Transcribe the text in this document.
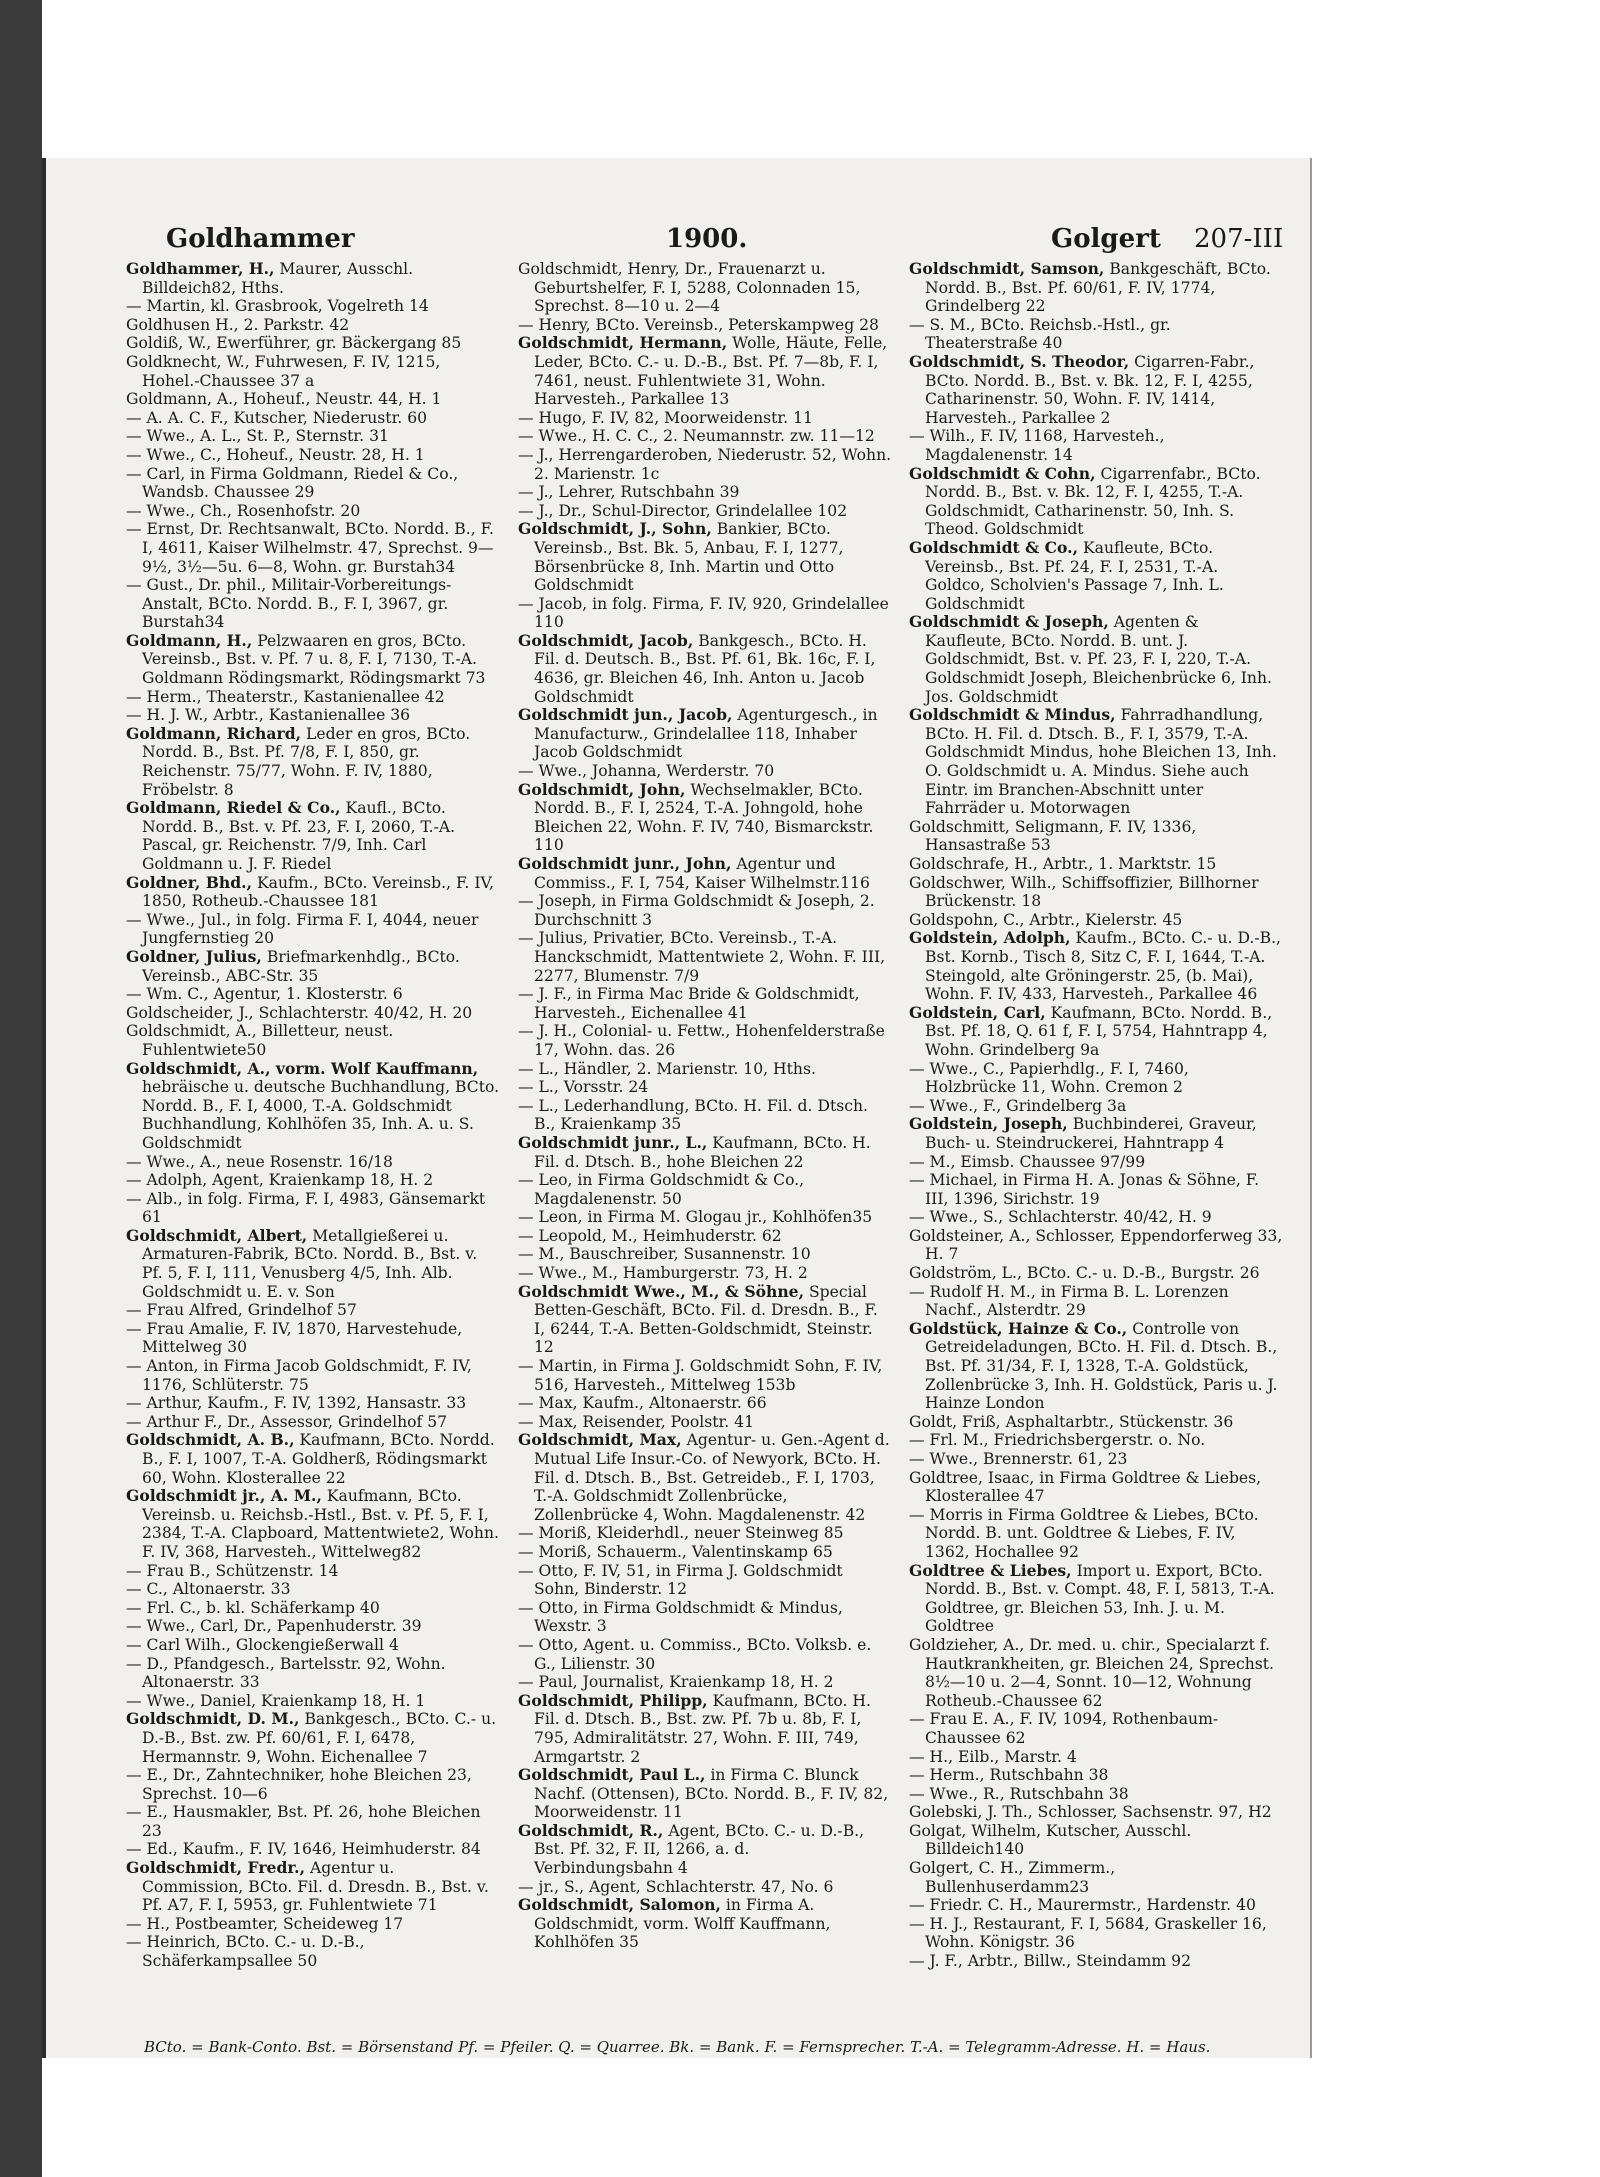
Goldhammer	1900.	Golgert 207-III

Goldhammer, H., Maurer, Ausschl. Billdeich82, Hths.

— Martin, kl. Grasbrook, Vogelreth 14

Goldhusen H., 2. Parkstr. 42

Goldiß, W., Ewerführer, gr. Bäckergang 85

Goldknecht, W., Fuhrwesen, F. IV, 1215, Hohel.-Chaussee 37 a

Goldmann, A., Hoheuf., Neustr. 44, H. 1

— A. A. C. F., Kutscher, Niederustr. 60

— Wwe., A. L., St. P., Sternstr. 31

— Wwe., C., Hoheuf., Neustr. 28, H. 1

— Carl, in Firma Goldmann, Riedel & Co., Wandsb. Chaussee 29

— Wwe., Ch., Rosenhofstr. 20

— Ernst, Dr. Rechtsanwalt, BCto. Nordd. B., F. I, 4611, Kaiser Wilhelmstr. 47, Sprechst. 9—9½, 3½—5u. 6—8, Wohn. gr. Burstah34

— Gust., Dr. phil., Militair-Vorbereitungs-Anstalt, BCto. Nordd. B., F. I, 3967, gr. Burstah34

Goldmann, H., Pelzwaaren en gros, BCto. Vereinsb., Bst. v. Pf. 7 u. 8, F. I, 7130, T.-A. Goldmann Rödingsmarkt, Rödingsmarkt 73

— Herm., Theaterstr., Kastanienallee 42

— H. J. W., Arbtr., Kastanienallee 36

Goldmann, Richard, Leder en gros, BCto. Nordd. B., Bst. Pf. 7/8, F. I, 850, gr. Reichenstr. 75/77, Wohn. F. IV, 1880, Fröbelstr. 8

Goldmann, Riedel & Co., Kaufl., BCto. Nordd. B., Bst. v. Pf. 23, F. I, 2060, T.-A. Pascal, gr. Reichenstr. 7/9, Inh. Carl Goldmann u. J. F. Riedel

Goldner, Bhd., Kaufm., BCto. Vereinsb., F. IV, 1850, Rotheub.-Chaussee 181

— Wwe., Jul., in folg. Firma F. I, 4044, neuer Jungfernstieg 20

Goldner, Julius, Briefmarkenhdlg., BCto. Vereinsb., ABC-Str. 35

— Wm. C., Agentur, 1. Klosterstr. 6

Goldscheider, J., Schlachterstr. 40/42, H. 20

Goldschmidt, A., Billetteur, neust. Fuhlentwiete50

Goldschmidt, A., vorm. Wolf Kauffmann, hebräische u. deutsche Buchhandlung, BCto. Nordd. B., F. I, 4000, T.-A. Goldschmidt Buchhandlung, Kohlhöfen 35, Inh. A. u. S. Goldschmidt

— Wwe., A., neue Rosenstr. 16/18

— Adolph, Agent, Kraienkamp 18, H. 2

— Alb., in folg. Firma, F. I, 4983, Gänsemarkt 61

Goldschmidt, Albert, Metallgießerei u. Armaturen-Fabrik, BCto. Nordd. B., Bst. v. Pf. 5, F. I, 111, Venusberg 4/5, Inh. Alb. Goldschmidt u. E. v. Son

— Frau Alfred, Grindelhof 57

— Frau Amalie, F. IV, 1870, Harvestehude, Mittelweg 30

— Anton, in Firma Jacob Goldschmidt, F. IV, 1176, Schlüterstr. 75

— Arthur, Kaufm., F. IV, 1392, Hansastr. 33

— Arthur F., Dr., Assessor, Grindelhof 57

Goldschmidt, A. B., Kaufmann, BCto. Nordd. B., F. I, 1007, T.-A. Goldherß, Rödingsmarkt 60, Wohn. Klosterallee 22

Goldschmidt jr., A. M., Kaufmann, BCto. Vereinsb. u. Reichsb.-Hstl., Bst. v. Pf. 5, F. I, 2384, T.-A. Clapboard, Mattentwiete2, Wohn. F. IV, 368, Harvesteh., Wittelweg82

— Frau B., Schützenstr. 14

— C., Altonaerstr. 33

— Frl. C., b. kl. Schäferkamp 40

— Wwe., Carl, Dr., Papenhuderstr. 39

— Carl Wilh., Glockengießerwall 4

— D., Pfandgesch., Bartelsstr. 92, Wohn. Altonaerstr. 33

— Wwe., Daniel, Kraienkamp 18, H. 1

Goldschmidt, D. M., Bankgesch., BCto. C.- u. D.-B., Bst. zw. Pf. 60/61, F. I, 6478, Hermannstr. 9, Wohn. Eichenallee 7

— E., Dr., Zahntechniker, hohe Bleichen 23, Sprechst. 10—6

— E., Hausmakler, Bst. Pf. 26, hohe Bleichen 23

— Ed., Kaufm., F. IV, 1646, Heimhuderstr. 84

Goldschmidt, Fredr., Agentur u. Commission, BCto. Fil. d. Dresdn. B., Bst. v. Pf. A7, F. I, 5953, gr. Fuhlentwiete 71

— H., Postbeamter, Scheideweg 17

— Heinrich, BCto. C.- u. D.-B., Schäferkampsallee 50

Goldschmidt, Henry, Dr., Frauenarzt u. Geburtshelfer, F. I, 5288, Colonnaden 15, Sprechst. 8—10 u. 2—4

— Henry, BCto. Vereinsb., Peterskampweg 28

Goldschmidt, Hermann, Wolle, Häute, Felle, Leder, BCto. C.- u. D.-B., Bst. Pf. 7—8b, F. I, 7461, neust. Fuhlentwiete 31, Wohn. Harvesteh., Parkallee 13

— Hugo, F. IV, 82, Moorweidenstr. 11

— Wwe., H. C. C., 2. Neumannstr. zw. 11—12

— J., Herrengarderoben, Niederustr. 52, Wohn. 2. Marienstr. 1c

— J., Lehrer, Rutschbahn 39

— J., Dr., Schul-Director, Grindelallee 102

Goldschmidt, J., Sohn, Bankier, BCto. Vereinsb., Bst. Bk. 5, Anbau, F. I, 1277, Börsenbrücke 8, Inh. Martin und Otto Goldschmidt

— Jacob, in folg. Firma, F. IV, 920, Grindelallee 110

Goldschmidt, Jacob, Bankgesch., BCto. H. Fil. d. Deutsch. B., Bst. Pf. 61, Bk. 16c, F. I, 4636, gr. Bleichen 46, Inh. Anton u. Jacob Goldschmidt

Goldschmidt jun., Jacob, Agenturgesch., in Manufacturw., Grindelallee 118, Inhaber Jacob Goldschmidt

— Wwe., Johanna, Werderstr. 70

Goldschmidt, John, Wechselmakler, BCto. Nordd. B., F. I, 2524, T.-A. Johngold, hohe Bleichen 22, Wohn. F. IV, 740, Bismarckstr. 110

Goldschmidt junr., John, Agentur und Commiss., F. I, 754, Kaiser Wilhelmstr.116

— Joseph, in Firma Goldschmidt & Joseph, 2. Durchschnitt 3

— Julius, Privatier, BCto. Vereinsb., T.-A. Hanckschmidt, Mattentwiete 2, Wohn. F. III, 2277, Blumenstr. 7/9

— J. F., in Firma Mac Bride & Goldschmidt, Harvesteh., Eichenallee 41

— J. H., Colonial- u. Fettw., Hohenfelderstraße 17, Wohn. das. 26

— L., Händler, 2. Marienstr. 10, Hths.

— L., Vorsstr. 24

— L., Lederhandlung, BCto. H. Fil. d. Dtsch. B., Kraienkamp 35

Goldschmidt junr., L., Kaufmann, BCto. H. Fil. d. Dtsch. B., hohe Bleichen 22

— Leo, in Firma Goldschmidt & Co., Magdalenenstr. 50

— Leon, in Firma M. Glogau jr., Kohlhöfen35

— Leopold, M., Heimhuderstr. 62

— M., Bauschreiber, Susannenstr. 10

— Wwe., M., Hamburgerstr. 73, H. 2

Goldschmidt Wwe., M., & Söhne, Special Betten-Geschäft, BCto. Fil. d. Dresdn. B., F. I, 6244, T.-A. Betten-Goldschmidt, Steinstr. 12

— Martin, in Firma J. Goldschmidt Sohn, F. IV, 516, Harvesteh., Mittelweg 153b

— Max, Kaufm., Altonaerstr. 66

— Max, Reisender, Poolstr. 41

Goldschmidt, Max, Agentur- u. Gen.-Agent d. Mutual Life Insur.-Co. of Newyork, BCto. H. Fil. d. Dtsch. B., Bst. Getreideb., F. I, 1703, T.-A. Goldschmidt Zollenbrücke, Zollenbrücke 4, Wohn. Magdalenenstr. 42

— Moriß, Kleiderhdl., neuer Steinweg 85

— Moriß, Schauerm., Valentinskamp 65

— Otto, F. IV, 51, in Firma J. Goldschmidt Sohn, Binderstr. 12

— Otto, in Firma Goldschmidt & Mindus, Wexstr. 3

— Otto, Agent. u. Commiss., BCto. Volksb. e. G., Lilienstr. 30

— Paul, Journalist, Kraienkamp 18, H. 2

Goldschmidt, Philipp, Kaufmann, BCto. H. Fil. d. Dtsch. B., Bst. zw. Pf. 7b u. 8b, F. I, 795, Admiralitätstr. 27, Wohn. F. III, 749, Armgartstr. 2

Goldschmidt, Paul L., in Firma C. Blunck Nachf. (Ottensen), BCto. Nordd. B., F. IV, 82, Moorweidenstr. 11

Goldschmidt, R., Agent, BCto. C.- u. D.-B., Bst. Pf. 32, F. II, 1266, a. d. Verbindungsbahn 4

— jr., S., Agent, Schlachterstr. 47, No. 6

Goldschmidt, Salomon, in Firma A. Goldschmidt, vorm. Wolff Kauffmann, Kohlhöfen 35

Goldschmidt, Samson, Bankgeschäft, BCto. Nordd. B., Bst. Pf. 60/61, F. IV, 1774, Grindelberg 22

— S. M., BCto. Reichsb.-Hstl., gr. Theaterstraße 40

Goldschmidt, S. Theodor, Cigarren-Fabr., BCto. Nordd. B., Bst. v. Bk. 12, F. I, 4255, Catharinenstr. 50, Wohn. F. IV, 1414, Harvesteh., Parkallee 2

— Wilh., F. IV, 1168, Harvesteh., Magdalenenstr. 14

Goldschmidt & Cohn, Cigarrenfabr., BCto. Nordd. B., Bst. v. Bk. 12, F. I, 4255, T.-A. Goldschmidt, Catharinenstr. 50, Inh. S. Theod. Goldschmidt

Goldschmidt & Co., Kaufleute, BCto. Vereinsb., Bst. Pf. 24, F. I, 2531, T.-A. Goldco, Scholvien's Passage 7, Inh. L. Goldschmidt

Goldschmidt & Joseph, Agenten & Kaufleute, BCto. Nordd. B. unt. J. Goldschmidt, Bst. v. Pf. 23, F. I, 220, T.-A. Goldschmidt Joseph, Bleichenbrücke 6, Inh. Jos. Goldschmidt

Goldschmidt & Mindus, Fahrradhandlung, BCto. H. Fil. d. Dtsch. B., F. I, 3579, T.-A. Goldschmidt Mindus, hohe Bleichen 13, Inh. O. Goldschmidt u. A. Mindus. Siehe auch Eintr. im Branchen-Abschnitt unter Fahrräder u. Motorwagen

Goldschmitt, Seligmann, F. IV, 1336, Hansastraße 53

Goldschrafe, H., Arbtr., 1. Marktstr. 15

Goldschwer, Wilh., Schiffsoffizier, Billhorner Brückenstr. 18

Goldspohn, C., Arbtr., Kielerstr. 45

Goldstein, Adolph, Kaufm., BCto. C.- u. D.-B., Bst. Kornb., Tisch 8, Sitz C, F. I, 1644, T.-A. Steingold, alte Gröningerstr. 25, (b. Mai), Wohn. F. IV, 433, Harvesteh., Parkallee 46

Goldstein, Carl, Kaufmann, BCto. Nordd. B., Bst. Pf. 18, Q. 61 f, F. I, 5754, Hahntrapp 4, Wohn. Grindelberg 9a

— Wwe., C., Papierhdlg., F. I, 7460, Holzbrücke 11, Wohn. Cremon 2

— Wwe., F., Grindelberg 3a

Goldstein, Joseph, Buchbinderei, Graveur, Buch- u. Steindruckerei, Hahntrapp 4

— M., Eimsb. Chaussee 97/99

— Michael, in Firma H. A. Jonas & Söhne, F. III, 1396, Sirichstr. 19

— Wwe., S., Schlachterstr. 40/42, H. 9

Goldsteiner, A., Schlosser, Eppendorferweg 33, H. 7

Goldström, L., BCto. C.- u. D.-B., Burgstr. 26

— Rudolf H. M., in Firma B. L. Lorenzen Nachf., Alsterdtr. 29

Goldstück, Hainze & Co., Controlle von Getreideladungen, BCto. H. Fil. d. Dtsch. B., Bst. Pf. 31/34, F. I, 1328, T.-A. Goldstück, Zollenbrücke 3, Inh. H. Goldstück, Paris u. J. Hainze London

Goldt, Friß, Asphaltarbtr., Stückenstr. 36

— Frl. M., Friedrichsbergerstr. o. No.

— Wwe., Brennerstr. 61, 23

Goldtree, Isaac, in Firma Goldtree & Liebes, Klosterallee 47

— Morris in Firma Goldtree & Liebes, BCto. Nordd. B. unt. Goldtree & Liebes, F. IV, 1362, Hochallee 92

Goldtree & Liebes, Import u. Export, BCto. Nordd. B., Bst. v. Compt. 48, F. I, 5813, T.-A. Goldtree, gr. Bleichen 53, Inh. J. u. M. Goldtree

Goldzieher, A., Dr. med. u. chir., Specialarzt f. Hautkrankheiten, gr. Bleichen 24, Sprechst. 8½—10 u. 2—4, Sonnt. 10—12, Wohnung Rotheub.-Chaussee 62

— Frau E. A., F. IV, 1094, Rothenbaum-Chaussee 62

— H., Eilb., Marstr. 4

— Herm., Rutschbahn 38

— Wwe., R., Rutschbahn 38

Golebski, J. Th., Schlosser, Sachsenstr. 97, H2

Golgat, Wilhelm, Kutscher, Ausschl. Billdeich140

Golgert, C. H., Zimmerm., Bullenhuserdamm23

— Friedr. C. H., Maurermstr., Hardenstr. 40

— H. J., Restaurant, F. I, 5684, Graskeller 16, Wohn. Königstr. 36

— J. F., Arbtr., Billw., Steindamm 92

BCto. = Bank-Conto. Bst. = Börsenstand Pf. = Pfeiler. Q. = Quarree. Bk. = Bank. F. = Fernsprecher. T.-A. = Telegramm-Adresse. H. = Haus.
